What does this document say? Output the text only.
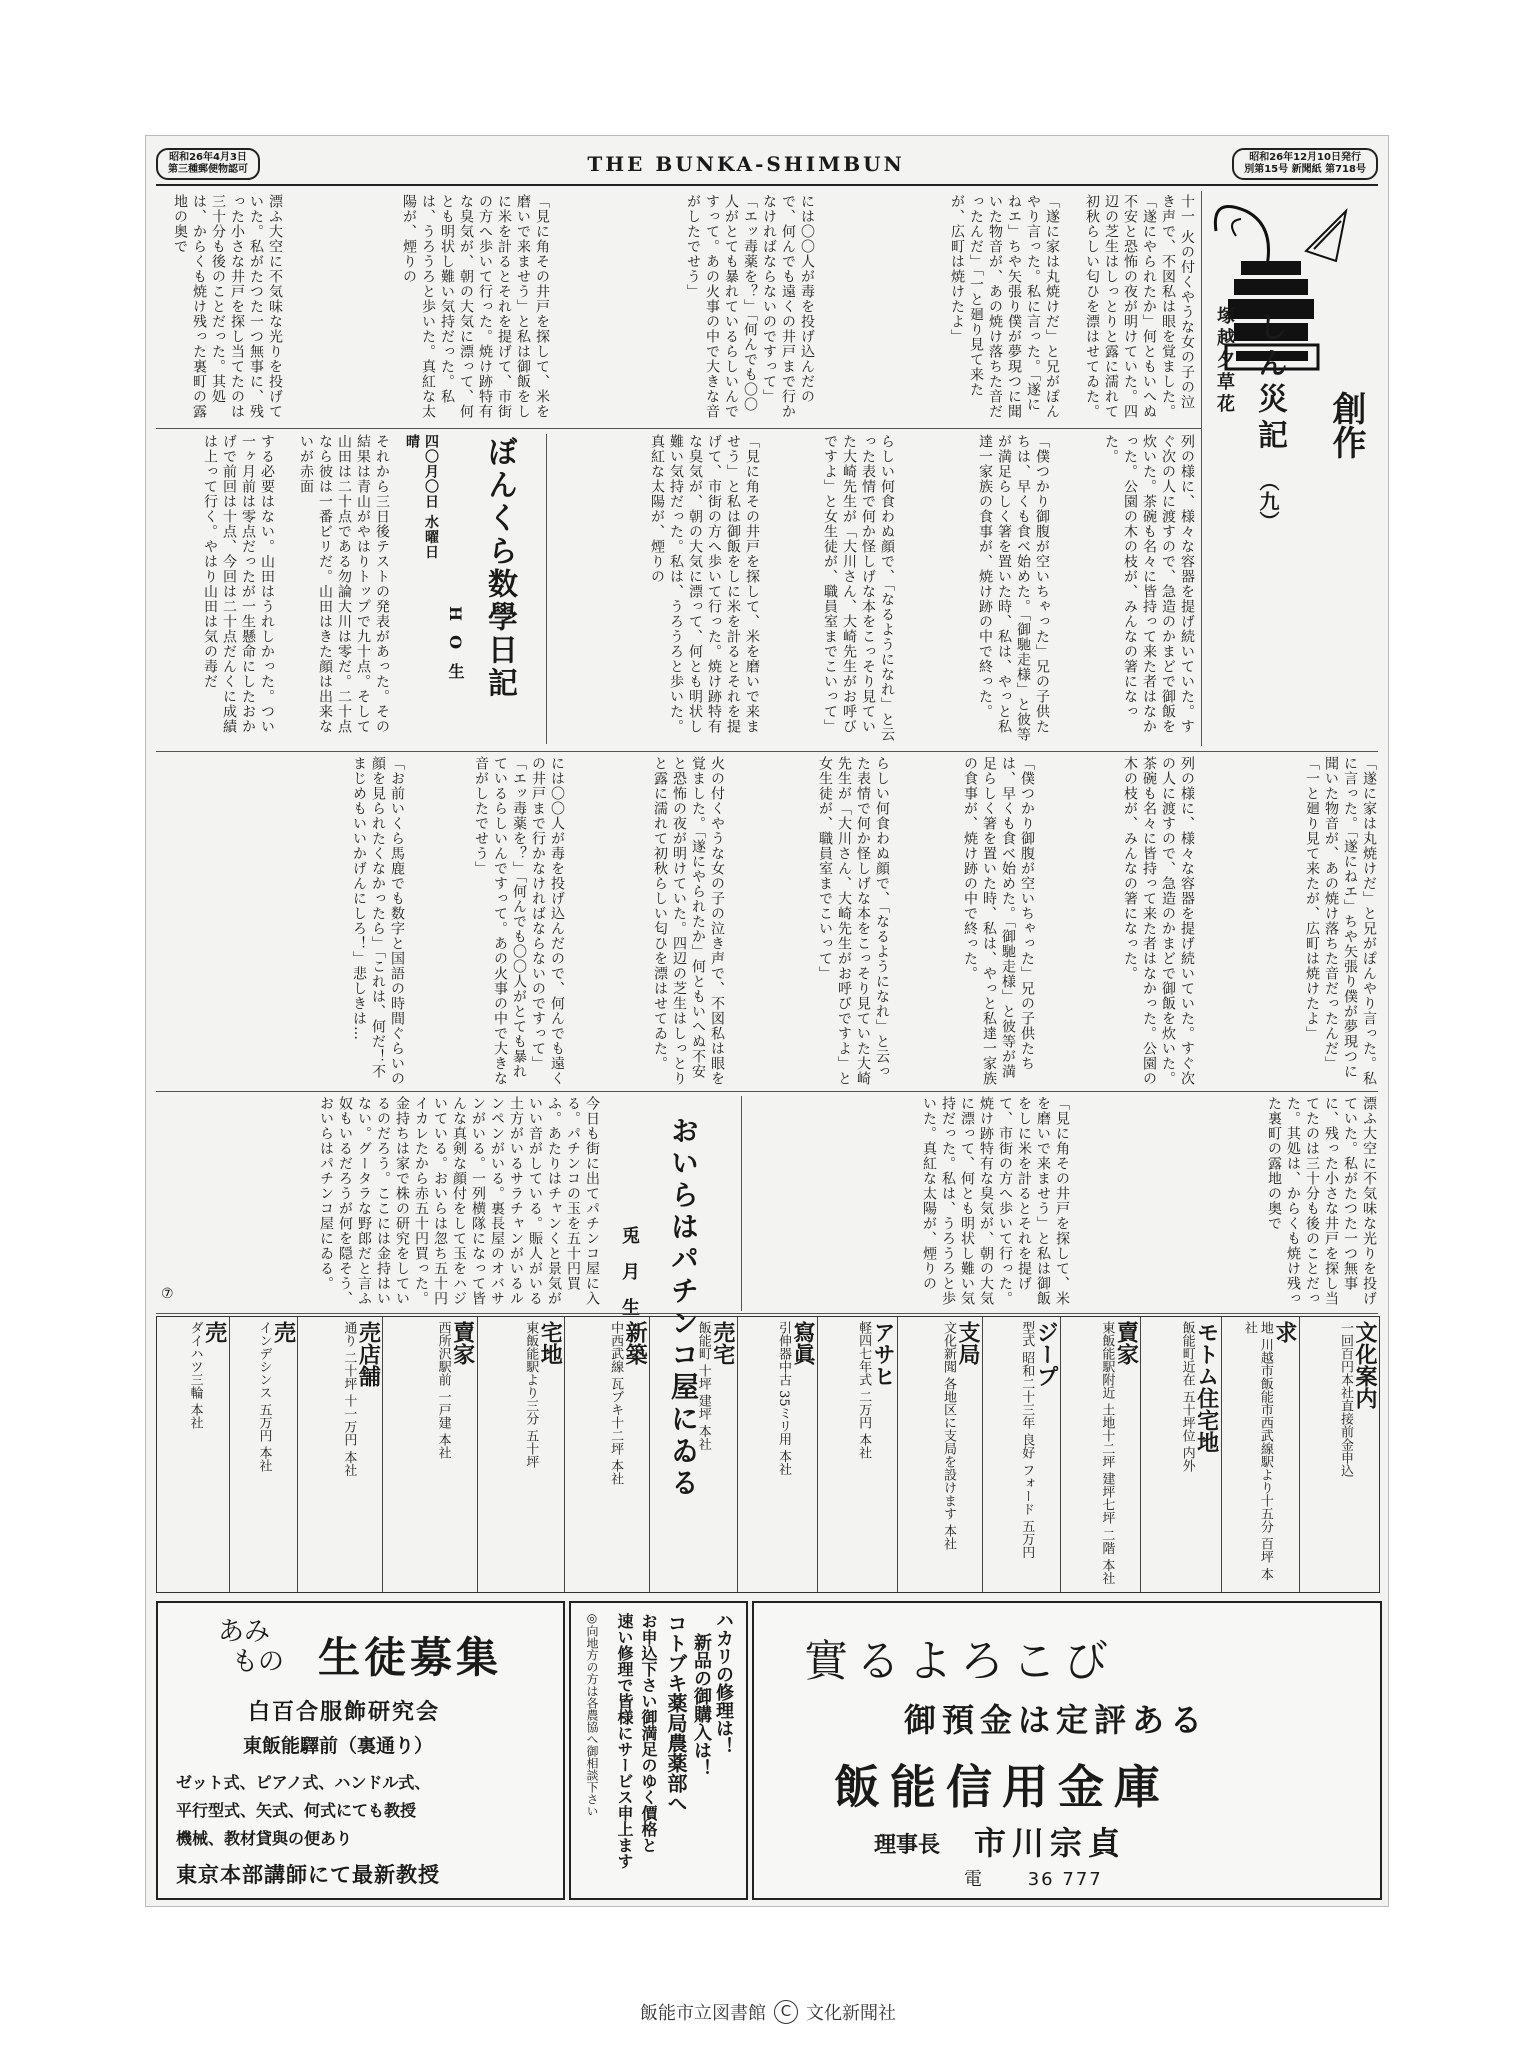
昭和26年4月3日
第三種郵便物認可	THE BUNKA-SHIMBUN	昭和26年12月10日発行
別第15号 新聞紙 第718号
創作
しん災記
（九）
塚越夕草花
十一 火の付くやうな女の子の泣き声で、不図私は眼を覚ました。「遂にやられたか」何ともいへぬ不安と恐怖の夜が明けていた。四辺の芝生はしっとりと露に濡れて初秋らしい匂ひを漂はせてゐた。
「遂に家は丸焼けだ」と兄がぽんやり言った。私に言った。「遂にねエ」ちや矢張り僕が夢現つに聞いた物音が、あの焼け落ちた音だったんだ」「一と廻り見て来たが、広町は焼けたよ」
には〇〇人が毒を投げ込んだので、何んでも遠くの井戸まで行かなければならないのですって」「エッ毒薬を？」「何んでも〇〇人がとても暴れているらしいんですって。あの火事の中で大きな音がしたでせう」
「見に角その井戸を探して、米を磨いで来ませう」と私は御飯をしに米を計るとそれを提げて、市街の方へ歩いて行った。焼け跡特有な臭気が、朝の大気に漂って、何とも明状し難い気持だった。私は、うろうろと歩いた。真紅な太陽が、煙りの
漂ふ大空に不気味な光りを投げていた。私がたつた一つ無事に、残った小さな井戸を探し当てたのは三十分も後のことだった。其処は、からくも焼け残った裏町の露地の奥で
列の様に、様々な容器を提げ続いていた。すぐ次の人に渡すので、急造のかまどで御飯を炊いた。茶碗も名々に皆持って来た者はなかった。公園の木の枝が、みんなの箸になった。
「僕つかり御腹が空いちゃった」兄の子供たちは、早くも食べ始めた。「御馳走様」と彼等が満足らしく箸を置いた時、私は、やっと私達一家族の食事が、焼け跡の中で終った。
らしい何食わぬ顔で、「なるようになれ」と云った表情で何か怪しげな本をこっそり見ていた大崎先生が「大川さん、大崎先生がお呼びですよ」と女生徒が、職員室までこいって」
「見に角その井戸を探して、米を磨いで来ませう」と私は御飯をしに米を計るとそれを提げて、市街の方へ歩いて行った。焼け跡特有な臭気が、朝の大気に漂って、何とも明状し難い気持だった。私は、うろうろと歩いた。真紅な太陽が、煙りの
ぼんくら数學日記
HO生
四〇月〇日 水曜日晴
それから三日後テストの発表があった。その結果は青山がやはりトップで九十点。そして山田は二十点である勿論大川は零だ。二十点なら彼は一番ビリだ。山田はきた顔は出来ないが赤面
する必要はない。山田はうれしかった。つい一ヶ月前は零点だったが一生懸命にしたおかげで前回は十点、今回は二十点だんくに成績は上って行く。やはり山田は気の毒だ
「遂に家は丸焼けだ」と兄がぽんやり言った。私に言った。「遂にねエ」ちや矢張り僕が夢現つに聞いた物音が、あの焼け落ちた音だったんだ」「一と廻り見て来たが、広町は焼けたよ」
列の様に、様々な容器を提げ続いていた。すぐ次の人に渡すので、急造のかまどで御飯を炊いた。茶碗も名々に皆持って来た者はなかった。公園の木の枝が、みんなの箸になった。
「僕つかり御腹が空いちゃった」兄の子供たちは、早くも食べ始めた。「御馳走様」と彼等が満足らしく箸を置いた時、私は、やっと私達一家族の食事が、焼け跡の中で終った。
らしい何食わぬ顔で、「なるようになれ」と云った表情で何か怪しげな本をこっそり見ていた大崎先生が「大川さん、大崎先生がお呼びですよ」と女生徒が、職員室までこいって」
火の付くやうな女の子の泣き声で、不図私は眼を覚ました。「遂にやられたか」何ともいへぬ不安と恐怖の夜が明けていた。四辺の芝生はしっとりと露に濡れて初秋らしい匂ひを漂はせてゐた。
には〇〇人が毒を投げ込んだので、何んでも遠くの井戸まで行かなければならないのですって」「エッ毒薬を？」「何んでも〇〇人がとても暴れているらしいんですって。あの火事の中で大きな音がしたでせう」
「お前いくら馬鹿でも数字と国語の時間ぐらいの顔を見られたくなかったら」「これは、何だ！不まじめもいいかげんにしろ！」悲しきは…
漂ふ大空に不気味な光りを投げていた。私がたつた一つ無事に、残った小さな井戸を探し当てたのは三十分も後のことだった。其処は、からくも焼け残った裏町の露地の奥で
「見に角その井戸を探して、米を磨いで来ませう」と私は御飯をしに米を計るとそれを提げて、市街の方へ歩いて行った。焼け跡特有な臭気が、朝の大気に漂って、何とも明状し難い気持だった。私は、うろうろと歩いた。真紅な太陽が、煙りの
おいらはパチンコ屋にゐる
兎月生
今日も街に出てパチンコ屋に入る。パチンコの玉を五十円買ふ。あたりはチャンくと景気がいい音がしている。賑人がいる土方がいるサラチャンがいるルンペンがいる。裏長屋のオバサンがいる。一列横隊になって皆んな真剣な顔付をして玉をハジいている。おいらは忽ち五十円イカレたから赤五十円買った。金持ちは家で株の研究をしているのだろう。ここには金持はいない。グータラな野郎だと言ふ奴もいるだろうが何を隠そう、おいらはパチンコ屋にゐる。
⑦
文化案内
一回百円本社直接前金申込
求
地 川越市飯能市西武線駅より十五分 百坪 本社
モトム住宅地
飯能町近在 五十坪位 内外
賣家
東飯能駅附近 土地十二坪 建坪七坪 二階 本社
ジープ
型式 昭和二十三年 良好 フォード 五万円
支局
文化新聞 各地区に支局を設けます 本社
アサヒ
軽四七年式 二万円 本社
寫眞
引伸器中古 35ミリ用 本社
売宅
飯能町 十坪 建坪 本社
新築
中西武線 瓦ブキ十二坪 本社
宅地
東飯能駅より三分 五十坪
賣家
西所沢駅前 一戸建 本社
売店舗
通り 二十坪 十一万円 本社
売
インデシンス 五万円 本社
売
ダイハツ三輪 本社
あみ
もの 生徒募集
白百合服飾研究会
東飯能驛前（裏通り）
ゼット式、ピアノ式、ハンドル式、
平行型式、矢式、何式にても教授
機械、教材貸與の便あり
東京本部講師にて最新教授
ハカリの修理は！
新品の御購入は！
コトブキ薬局農薬部へ
お申込下さい御満足のゆく價格と
速い修理で皆様にサービス申上ます
◎向地方の方は各農協へ御相談下さい	實るよろこび
御預金は定評ある
飯能信用金庫
理事長 市川宗貞
電	36 777
飯能市立図書館 C 文化新聞社
